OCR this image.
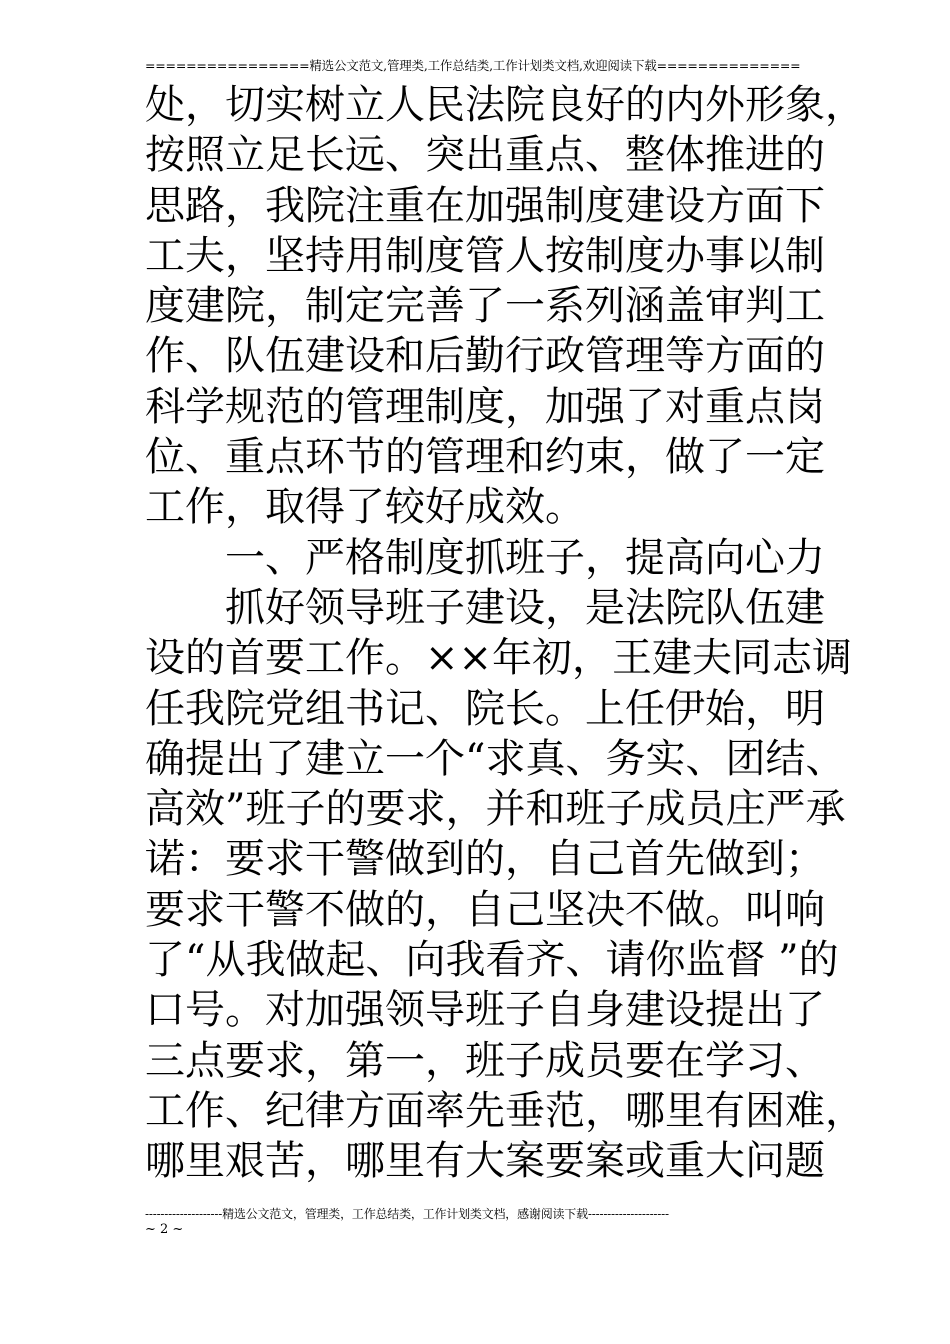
================精选公文范文,管理类,工作总结类,工作计划类文档,欢迎阅读下载==============
处，切实树立人民法院良好的内外形象，
按照立足长远、突出重点、整体推进的
思路，我院注重在加强制度建设方面下
工夫，坚持用制度管人按制度办事以制
度建院，制定完善了一系列涵盖审判工
作、队伍建设和后勤行政管理等方面的
科学规范的管理制度，加强了对重点岗
位、重点环节的管理和约束，做了一定
工作，取得了较好成效。
　　一、严格制度抓班子，提高向心力
　　抓好领导班子建设，是法院队伍建
设的首要工作。××年初，王建夫同志调
任我院党组书记、院长。上任伊始，明
确提出了建立一个“求真、务实、团结、
高效”班子的要求，并和班子成员庄严承
诺：要求干警做到的，自己首先做到；
要求干警不做的，自己坚决不做。叫响
了“从我做起、向我看齐、请你监督 ”的
口号。对加强领导班子自身建设提出了
三点要求，第一，班子成员要在学习、
工作、纪律方面率先垂范，哪里有困难，
哪里艰苦，哪里有大案要案或重大问题
--------------------精选公文范文，管理类，工作总结类，工作计划类文档，感谢阅读下载---------------------
~ 2 ~
